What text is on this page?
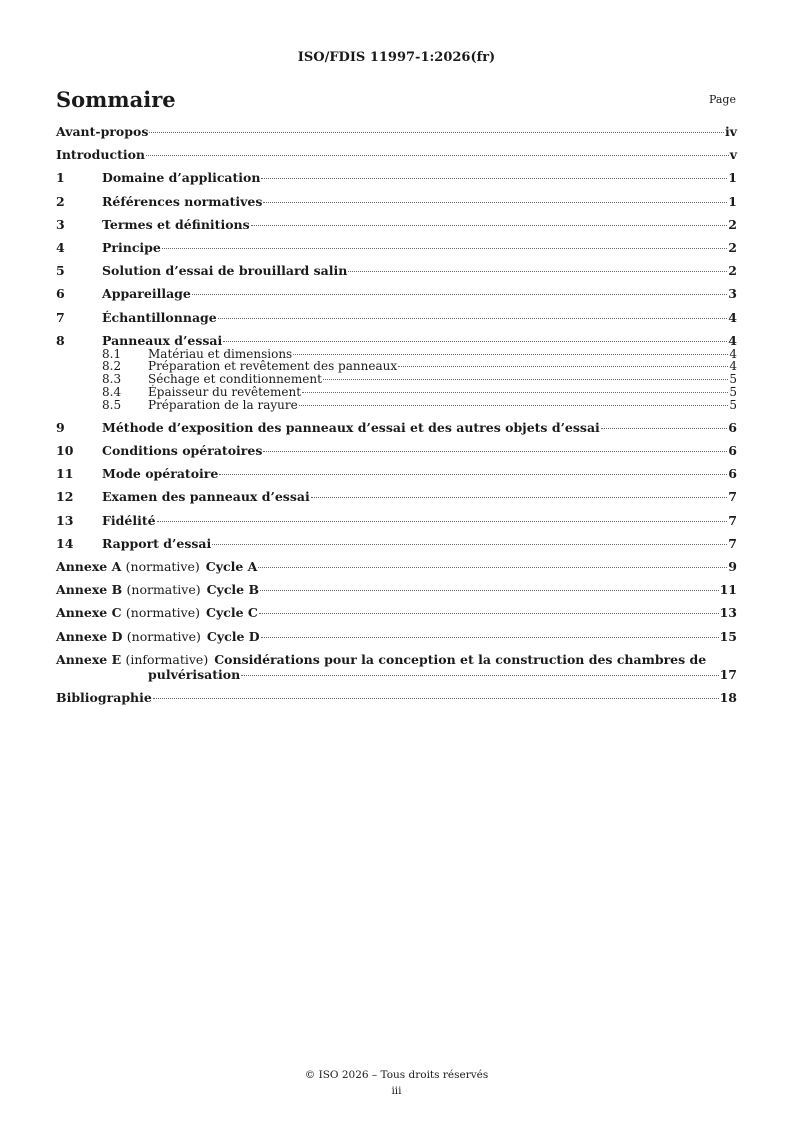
ISO/FDIS 11997-1:2026(fr)
Sommaire	Page
Avant-propos	iv
Introduction	v
1	Domaine d’application	1
2	Références normatives	1
3	Termes et définitions	2
4	Principe	2
5	Solution d’essai de brouillard salin	2
6	Appareillage	3
7	Échantillonnage	4
8	Panneaux d’essai	4
8.1	Matériau et dimensions	4
8.2	Préparation et revêtement des panneaux	4
8.3	Séchage et conditionnement	5
8.4	Épaisseur du revêtement	5
8.5	Préparation de la rayure	5
9	Méthode d’exposition des panneaux d’essai et des autres objets d’essai	6
10	Conditions opératoires	6
11	Mode opératoire	6
12	Examen des panneaux d’essai	7
13	Fidélité	7
14	Rapport d’essai	7
Annexe A (normative) Cycle A	9
Annexe B (normative) Cycle B	11
Annexe C (normative) Cycle C	13
Annexe D (normative) Cycle D	15
Annexe E (informative) Considérations pour la conception et la construction des chambres de
pulvérisation	17
Bibliographie	18
© ISO 2026 – Tous droits réservés
iii
